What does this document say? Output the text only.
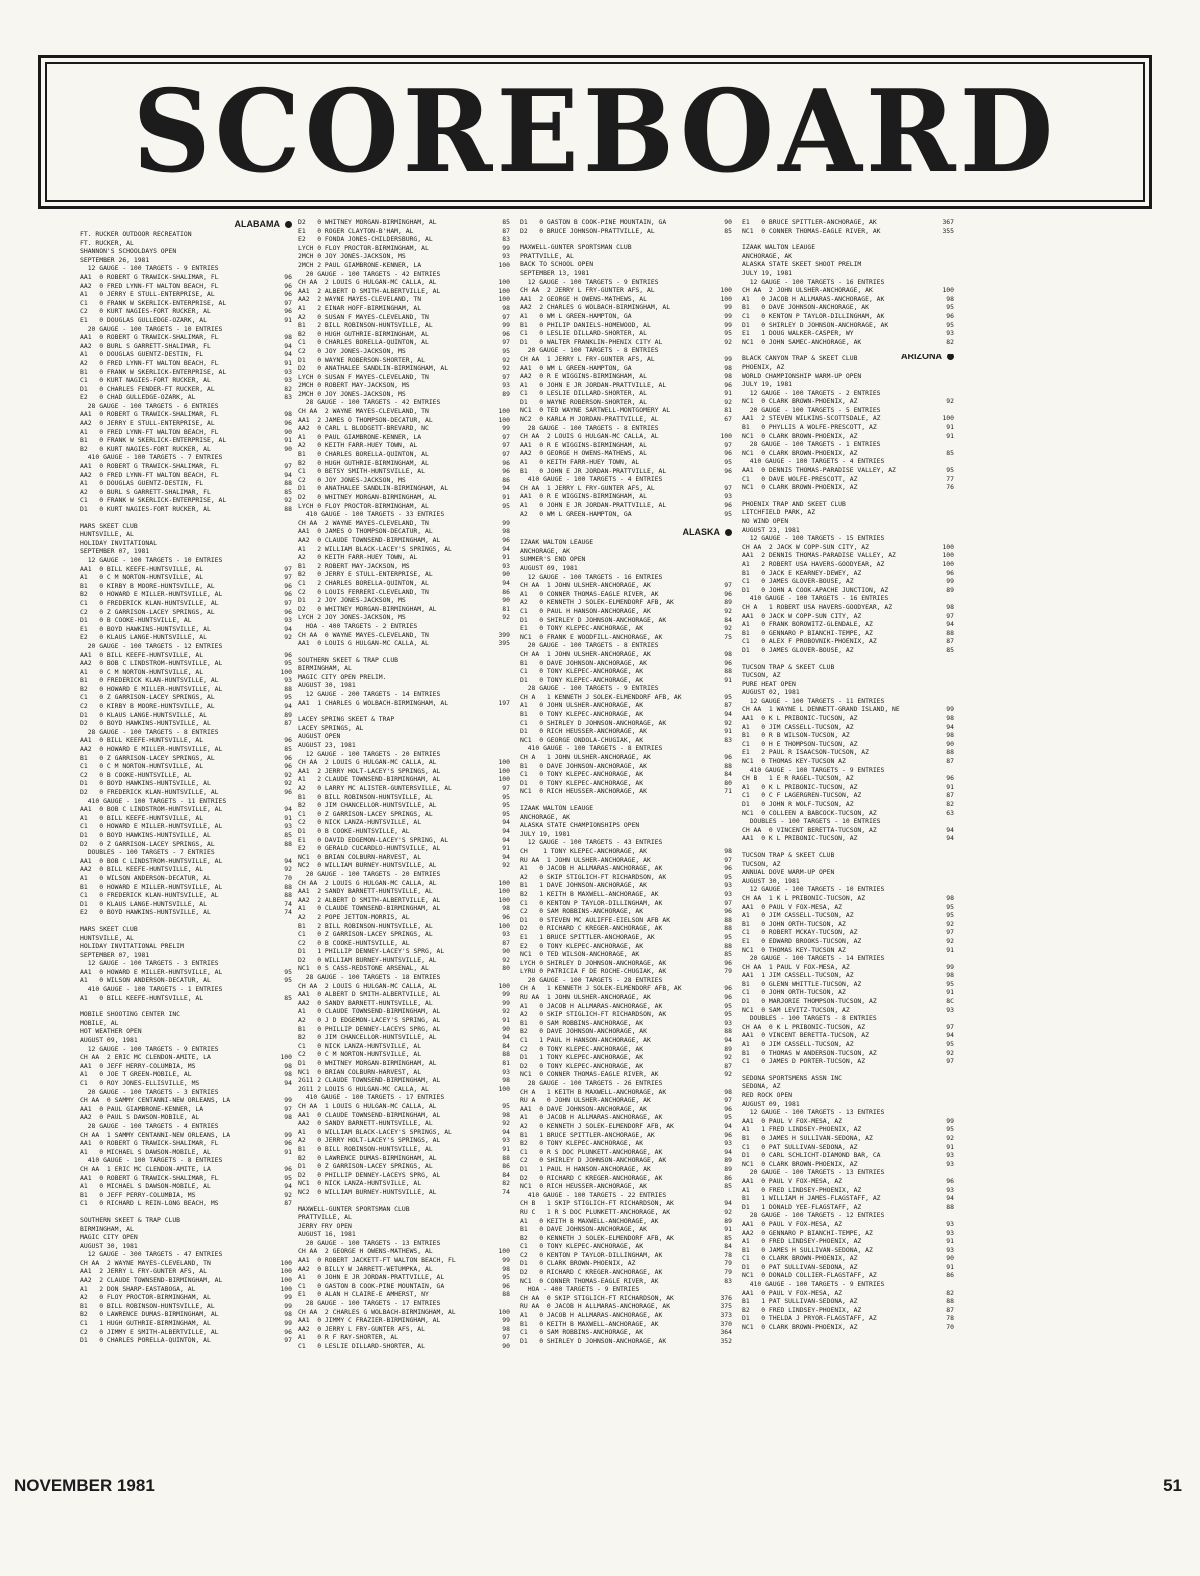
SCOREBOARD
ALABAMA
FT. RUCKER OUTDOOR RECREATION
FT. RUCKER, AL
SHANNON'S SCHOOLDAYS OPEN
SEPTEMBER 26, 1981
12 GAUGE - 100 TARGETS - 9 ENTRIES
AA1  0 ROBERT G TRAWICK-SHALIMAR, FL	96
AA2  0 FRED LYNN-FT WALTON BEACH, FL	96
A1   0 JERRY E STULL-ENTERPRISE, AL	96
C1   0 FRANK W SKERLICK-ENTERPRISE, AL	97
C2   0 KURT NAGIES-FORT RUCKER, AL	96
E1   0 DOUGLAS GULLEDGE-OZARK, AL	91
20 GAUGE - 100 TARGETS - 10 ENTRIES
AA1  0 ROBERT G TRAWICK-SHALIMAR, FL	98
AA2  0 BURL S GARRETT-SHALIMAR, FL	94
A1   0 DOUGLAS GUENTZ-DESTIN, FL	94
A2   0 FRED LYNN-FT WALTON BEACH, FL	91
B1   0 FRANK W SKERLICK-ENTERPRISE, AL	93
C1   0 KURT NAGIES-FORT RUCKER, AL	93
D1   0 CHARLES FENDER-FT RUCKER, AL	82
E2   0 CHAD GULLEDGE-OZARK, AL	83
28 GAUGE - 100 TARGETS - 6 ENTRIES
AA1  0 ROBERT G TRAWICK-SHALIMAR, FL	98
AA2  0 JERRY E STULL-ENTERPRISE, AL	96
A1   0 FRED LYNN-FT WALTON BEACH, FL	90
B1   0 FRANK W SKERLICK-ENTERPRISE, AL	91
B2   0 KURT NAGIES-FORT RUCKER, AL	90
410 GAUGE - 100 TARGETS - 7 ENTRIES
AA1  0 ROBERT G TRAWICK-SHALIMAR, FL	97
AA2  0 FRED LYNN-FT WALTON BEACH, FL	94
A1   0 DOUGLAS GUENTZ-DESTIN, FL	88
A2   0 BURL S GARRETT-SHALIMAR, FL	85
C1   0 FRANK W SKERLICK-ENTERPRISE, AL	92
D1   0 KURT NAGIES-FORT RUCKER, AL	88
MARS SKEET CLUB
HUNTSVILLE, AL
HOLIDAY INVITATIONAL
SEPTEMBER 07, 1981
12 GAUGE - 100 TARGETS - 10 ENTRIES
AA1  0 BILL KEEFE-HUNTSVILLE, AL	97
A1   0 C M NORTON-HUNTSVILLE, AL	97
B1   0 KIRBY B MOORE-HUNTSVILLE, AL	96
B2   0 HOWARD E MILLER-HUNTSVILLE, AL	96
C1   0 FREDERICK KLAN-HUNTSVILLE, AL	97
C2   0 Z GARRISON-LACEY SPRINGS, AL	96
D1   0 B COOKE-HUNTSVILLE, AL	93
E1   0 BOYD HAWKINS-HUNTSVILLE, AL	94
E2   0 KLAUS LANGE-HUNTSVILLE, AL	92
20 GAUGE - 100 TARGETS - 12 ENTRIES
AA1  0 BILL KEEFE-HUNTSVILLE, AL	96
AA2  0 BOB C LINDSTROM-HUNTSVILLE, AL	95
A1   0 C M NORTON-HUNTSVILLE, AL	100
B1   0 FREDERICK KLAN-HUNTSVILLE, AL	93
B2   0 HOWARD E MILLER-HUNTSVILLE, AL	88
C1   0 Z GARRISON-LACEY SPRINGS, AL	95
C2   0 KIRBY B MOORE-HUNTSVILLE, AL	94
D1   0 KLAUS LANGE-HUNTSVILLE, AL	89
D2   0 BOYD HAWKINS-HUNTSVILLE, AL	87
28 GAUGE - 100 TARGETS - 8 ENTRIES
AA1  0 BILL KEEFE-HUNTSVILLE, AL	96
AA2  0 HOWARD E MILLER-HUNTSVILLE, AL	85
B1   0 Z GARRISON-LACEY SPRINGS, AL	96
C1   0 C M NORTON-HUNTSVILLE, AL	96
C2   0 B COOKE-HUNTSVILLE, AL	92
D1   0 BOYD HAWKINS-HUNTSVILLE, AL	92
D2   0 FREDERICK KLAN-HUNTSVILLE, AL	96
410 GAUGE - 100 TARGETS - 11 ENTRIES
AA1  0 BOB C LINDSTROM-HUNTSVILLE, AL	94
A1   0 BILL KEEFE-HUNTSVILLE, AL	91
C1   0 HOWARD E MILLER-HUNTSVILLE, AL	93
D1   0 BOYD HAWKINS-HUNTSVILLE, AL	85
D2   0 Z GARRISON-LACEY SPRINGS, AL	88
DOUBLES - 100 TARGETS - 7 ENTRIES
AA1  0 BOB C LINDSTROM-HUNTSVILLE, AL	94
AA2  0 BILL KEEFE-HUNTSVILLE, AL	92
A1   0 WILSON ANDERSON-DECATUR, AL	70
B1   0 HOWARD E MILLER-HUNTSVILLE, AL	88
C1   0 FREDERICK KLAN-HUNTSVILLE, AL	88
D1   0 KLAUS LANGE-HUNTSVILLE, AL	74
E2   0 BOYD HAWKINS-HUNTSVILLE, AL	74
MARS SKEET CLUB
HUNTSVILLE, AL
HOLIDAY INVITATIONAL PRELIM
SEPTEMBER 07, 1981
12 GAUGE - 100 TARGETS - 3 ENTRIES
AA1  0 HOWARD E MILLER-HUNTSVILLE, AL	95
A1   0 WILSON ANDERSON-DECATUR, AL	95
410 GAUGE - 100 TARGETS - 1 ENTRIES
A1   0 BILL KEEFE-HUNTSVILLE, AL	85
MOBILE SHOOTING CENTER INC
MOBILE, AL
HOT WEATHER OPEN
AUGUST 09, 1981
12 GAUGE - 100 TARGETS - 9 ENTRIES
CH AA  2 ERIC MC CLENDON-AMITE, LA	100
AA1  0 JEFF HERRY-COLUMBIA, MS	98
A1   0 JOE T GREEN-MOBILE, AL	98
C1   0 ROY JONES-ELLISVILLE, MS	94
20 GAUGE - 100 TARGETS - 3 ENTRIES
CH AA  0 SAMMY CENTANNI-NEW ORLEANS, LA	99
AA1  0 PAUL GIAMBRONE-KENNER, LA	97
AA2  0 PAUL S DAWSON-MOBILE, AL	98
28 GAUGE - 100 TARGETS - 4 ENTRIES
CH AA  1 SAMMY CENTANNI-NEW ORLEANS, LA	99
AA1  0 ROBERT G TRAWICK-SHALIMAR, FL	96
A1   0 MICHAEL S DAWSON-MOBILE, AL	91
410 GAUGE - 100 TARGETS - 8 ENTRIES
CH AA  1 ERIC MC CLENDON-AMITE, LA	96
AA1  0 ROBERT G TRAWICK-SHALIMAR, FL	95
A1   0 MICHAEL S DAWSON-MOBILE, AL	94
B1   0 JEFF PERRY-COLUMBIA, MS	92
C1   0 RICHARD L REIN-LONG BEACH, MS	87
SOUTHERN SKEET & TRAP CLUB
BIRMINGHAM, AL
MAGIC CITY OPEN
AUGUST 30, 1981
12 GAUGE - 300 TARGETS - 47 ENTRIES
CH AA  2 WAYNE MAYES-CLEVELAND, TN	100
AA1  2 JERRY L FRY-GUNTER AFS, AL	100
AA2  2 CLAUDE TOWNSEND-BIRMINGHAM, AL	100
A1   2 DON SHARP-EASTABOGA, AL	100
A2   0 FLOY PROCTOR-BIRMINGHAM, AL	99
B1   0 BILL ROBINSON-HUNTSVILLE, AL	99
B2   0 LAWRENCE DUMAS-BIRMINGHAM, AL	98
C1   1 HUGH GUTHRIE-BIRMINGHAM, AL	99
C2   0 JIMMY E SMITH-ALBERTVILLE, AL	96
D1   0 CHARLES PORELLA-QUINTON, AL	97
D2   0 WHITNEY MORGAN-BIRMINGHAM, AL	85
E1   0 ROGER CLAYTON-B'HAM, AL	87
E2   0 FONDA JONES-CHILDERSBURG, AL	83
LYCH 0 FLOY PROCTOR-BIRMINGHAM, AL	99
2MCH 0 JOY JONES-JACKSON, MS	93
2MCH 2 PAUL GIAMBRONE-KENNER, LA	100
20 GAUGE - 100 TARGETS - 42 ENTRIES
CH AA  2 LOUIS G HULGAN-MC CALLA, AL	100
AA1  2 ALBERT D SMITH-ALBERTVILLE, AL	100
AA2  2 WAYNE MAYES-CLEVELAND, TN	100
A1   2 EINAR HOFF-BIRMINGHAM, AL	98
A2   0 SUSAN F MAYES-CLEVELAND, TN	97
B1   2 BILL ROBINSON-HUNTSVILLE, AL	99
B2   0 HUGH GUTHRIE-BIRMINGHAM, AL	96
C1   0 CHARLES BORELLA-QUINTON, AL	97
C2   0 JOY JONES-JACKSON, MS	95
D1   0 WAYNE ROBERSON-SHORTER, AL	92
D2   0 ANATHALEE SANDLIN-BIRMINGHAM, AL	92
LYCH 0 SUSAN F MAYES-CLEVELAND, TN	97
2MCH 0 ROBERT MAY-JACKSON, MS	93
2MCH 0 JOY JONES-JACKSON, MS	89
28 GAUGE - 100 TARGETS - 42 ENTRIES
CH AA  2 WAYNE MAYES-CLEVELAND, TN	100
AA1  2 JAMES O THOMPSON-DECATUR, AL	100
AA2  0 CARL L BLODGETT-BREVARD, NC	99
A1   0 PAUL GIAMBRONE-KENNER, LA	97
A2   0 KEITH FARR-HUEY TOWN, AL	97
B1   0 CHARLES BORELLA-QUINTON, AL	97
B2   0 HUGH GUTHRIE-BIRMINGHAM, AL	96
C1   0 BETSY SMITH-HUNTSVILLE, AL	96
C2   0 JOY JONES-JACKSON, MS	86
D1   0 ANATHALEE SANDLIN-BIRMINGHAM, AL	94
D2   0 WHITNEY MORGAN-BIRMINGHAM, AL	91
LYCH 0 FLOY PROCTOR-BIRMINGHAM, AL	95
410 GAUGE - 100 TARGETS - 33 ENTRIES
CH AA  2 WAYNE MAYES-CLEVELAND, TN	99
AA1  0 JAMES O THOMPSON-DECATUR, AL	98
AA2  0 CLAUDE TOWNSEND-BIRMINGHAM, AL	96
A1   2 WILLIAM BLACK-LACEY'S SPRINGS, AL	94
A2   0 KEITH FARR-HUEY TOWN, AL	91
B1   2 ROBERT MAY-JACKSON, MS	93
B2   0 JERRY E STULL-ENTERPRISE, AL	90
C1   2 CHARLES BORELLA-QUINTON, AL	94
C2   0 LOUIS FERRERI-CLEVELAND, TN	86
D1   2 JOY JONES-JACKSON, MS	90
D2   0 WHITNEY MORGAN-BIRMINGHAM, AL	81
LYCH 2 JOY JONES-JACKSON, MS	92
HOA - 400 TARGETS - 2 ENTRIES
CH AA  0 WAYNE MAYES-CLEVELAND, TN	399
AA1  0 LOUIS G HULGAN-MC CALLA, AL	395
SOUTHERN SKEET & TRAP CLUB
BIRMINGHAM, AL
MAGIC CITY OPEN PRELIM.
AUGUST 30, 1981
12 GAUGE - 200 TARGETS - 14 ENTRIES
AA1  1 CHARLES G WOLBACH-BIRMINGHAM, AL	197
LACEY SPRING SKEET & TRAP
LACEY SPRINGS, AL
AUGUST OPEN
AUGUST 23, 1981
12 GAUGE - 100 TARGETS - 20 ENTRIES
CH AA  2 LOUIS G HULGAN-MC CALLA, AL	100
AA1  2 JERRY HOLT-LACEY'S SPRINGS, AL	100
A1   2 CLAUDE TOWNSEND-BIRMINGHAM, AL	100
A2   0 LARRY MC ALISTER-GUNTERSVILLE, AL	97
B1   0 BILL ROBINSON-HUNTSVILLE, AL	95
B2   0 JIM CHANCELLOR-HUNTSVILLE, AL	95
C1   0 Z GARRISON-LACEY SPRINGS, AL	95
C2   0 NICK LANZA-HUNTSVILLE, AL	94
D1   0 B COOKE-HUNTSVILLE, AL	94
E1   0 DAVID EDGEMON-LACEY'S SPRING, AL	94
E2   0 GERALD CUCARDLO-HUNTSVILLE, AL	91
NC1  0 BRIAN COLBURN-HARVEST, AL	94
NC2  0 WILLIAM BURNEY-HUNTSVILLE, AL	92
20 GAUGE - 100 TARGETS - 20 ENTRIES
CH AA  2 LOUIS G HULGAN-MC CALLA, AL	100
AA1  2 SANDY BARNETT-HUNTSVILLE, AL	100
AA2  2 ALBERT D SMITH-ALBERTVILLE, AL	100
A1   0 CLAUDE TOWNSEND-BIRMINGHAM, AL	98
A2   2 POPE JETTON-MORRIS, AL	96
B1   2 BILL ROBINSON-HUNTSVILLE, AL	100
C1   0 Z GARRISON-LACEY SPRINGS, AL	93
C2   0 B COOKE-HUNTSVILLE, AL	87
D1   1 PHILLIP DENNEY-LACEY'S SPRG, AL	90
D2   0 WILLIAM BURNEY-HUNTSVILLE, AL	92
NC1  0 S CASS-REDSTONE ARSENAL, AL	80
28 GAUGE - 100 TARGETS - 18 ENTRIES
CH AA  2 LOUIS G HULGAN-MC CALLA, AL	100
AA1  0 ALBERT D SMITH-ALBERTVILLE, AL	99
AA2  0 SANDY BARNETT-HUNTSVILLE, AL	99
A1   0 CLAUDE TOWNSEND-BIRMINGHAM, AL	92
A2   0 J D EDGEMON-LACEY'S SPRING, AL	91
B1   0 PHILLIP DENNEY-LACEYS SPRG, AL	90
B2   0 JIM CHANCELLOR-HUNTSVILLE, AL	94
C1   0 NICK LANZA-HUNTSVILLE, AL	84
C2   0 C M NORTON-HUNTSVILLE, AL	88
D1   0 WHITNEY MORGAN-BIRMINGHAM, AL	81
NC1  0 BRIAN COLBURN-HARVEST, AL	93
2G11 2 CLAUDE TOWNSEND-BIRMINGHAM, AL	98
2G11 2 LOUIS G HULGAN-MC CALLA, AL	100
410 GAUGE - 100 TARGETS - 17 ENTRIES
CH AA  1 LOUIS G HULGAN-MC CALLA, AL	95
AA1  0 CLAUDE TOWNSEND-BIRMINGHAM, AL	98
AA2  0 SANDY BARNETT-HUNTSVILLE, AL	92
A1   0 WILLIAM BLACK-LACEY'S SPRINGS, AL	94
A2   0 JERRY HOLT-LACEY'S SPRINGS, AL	93
B1   0 BILL ROBINSON-HUNTSVILLE, AL	91
B2   0 LAWRENCE DUMAS-BIRMINGHAM, AL	88
D1   0 Z GARRISON-LACEY SPRINGS, AL	86
D2   0 PHILLIP DENNEY-LACEYS SPRG, AL	84
NC1  0 NICK LANZA-HUNTSVILLE, AL	82
NC2  0 WILLIAM BURNEY-HUNTSVILLE, AL	74
MAXWELL-GUNTER SPORTSMAN CLUB
PRATTVILLE, AL
JERRY FRY OPEN
AUGUST 16, 1981
20 GAUGE - 100 TARGETS - 13 ENTRIES
CH AA  2 GEORGE H OWENS-MATHEWS, AL	100
AA1  0 ROBERT JACKETT-FT WALTON BEACH, FL	99
AA2  0 BILLY W JARRETT-WETUMPKA, AL	98
A1   0 JOHN E JR JORDAN-PRATTVILLE, AL	95
C1   0 GASTON B COOK-PINE MOUNTAIN, GA	96
E1   0 ALAN H CLAIRE-E AMHERST, NY	88
28 GAUGE - 100 TARGETS - 17 ENTRIES
CH AA  2 CHARLES G WOLBACH-BIRMINGHAM, AL	100
AA1  0 JIMMY C FRAZIER-BIRMINGHAM, AL	99
AA2  0 JERRY L FRY-GUNTER AFS, AL	98
A1   0 R F RAY-SHORTER, AL	97
C1   0 LESLIE DILLARD-SHORTER, AL	90
D1   0 GASTON B COOK-PINE MOUNTAIN, GA	90
D2   0 BRUCE JOHNSON-PRATTVILLE, AL	85
MAXWELL-GUNTER SPORTSMAN CLUB
PRATTVILLE, AL
BACK TO SCHOOL OPEN
SEPTEMBER 13, 1981
12 GAUGE - 100 TARGETS - 9 ENTRIES
CH AA  2 JERRY L FRY-GUNTER AFS, AL	100
AA1  2 GEORGE H OWENS-MATHEWS, AL	100
AA2  2 CHARLES G WOLBACH-BIRMINGHAM, AL	99
A1   0 WM L GREEN-HAMPTON, GA	99
B1   0 PHILIP DANIELS-HOMEWOOD, AL	99
C1   0 LESLIE DILLARD-SHORTER, AL	95
D1   0 WALTER FRANKLIN-PHENIX CITY AL	92
20 GAUGE - 100 TARGETS - 8 ENTRIES
CH AA  1 JERRY L FRY-GUNTER AFS, AL	99
AA1  0 WM L GREEN-HAMPTON, GA	98
AA2  0 R E WIGGINS-BIRMINGHAM, AL	98
A1   0 JOHN E JR JORDAN-PRATTVILLE, AL	96
C1   0 LESLIE DILLARD-SHORTER, AL	91
D1   0 WAYNE ROBERSON-SHORTER, AL	92
NC1  0 TED WAYNE SARTWELL-MONTGOMERY AL	81
NC2  0 KARLA M JORDAN-PRATTVILLE, AL	67
28 GAUGE - 100 TARGETS - 8 ENTRIES
CH AA  2 LOUIS G HULGAN-MC CALLA, AL	100
AA1  0 R E WIGGINS-BIRMINGHAM, AL	97
AA2  0 GEORGE H OWENS-MATHEWS, AL	96
A1   0 KEITH FARR-HUEY TOWN, AL	95
B1   0 JOHN E JR JORDAN-PRATTVILLE, AL	96
410 GAUGE - 100 TARGETS - 4 ENTRIES
CH AA  1 JERRY L FRY-GUNTER AFS, AL	97
AA1  0 R E WIGGINS-BIRMINGHAM, AL	93
A1   0 JOHN E JR JORDAN-PRATTVILLE, AL	96
A2   0 WM L GREEN-HAMPTON, GA	95
ALASKA
IZAAK WALTON LEAUGE
ANCHORAGE, AK
SUMMER'S END OPEN
AUGUST 09, 1981
12 GAUGE - 100 TARGETS - 16 ENTRIES
CH AA  1 JOHN ULSHER-ANCHORAGE, AK	97
A1   0 CONNER THOMAS-EAGLE RIVER, AK	96
A2   0 KENNETH J SOLEK-ELMENDORF AFB, AK	89
C1   0 PAUL H HANSON-ANCHORAGE, AK	92
D1   0 SHIRLEY D JOHNSON-ANCHORAGE, AK	84
E1   0 TONY KLEPEC-ANCHORAGE, AK	92
NC1  0 FRANK E WOODFILL-ANCHORAGE, AK	75
20 GAUGE - 100 TARGETS - 8 ENTRIES
CH AA  1 JOHN ULSHER-ANCHORAGE, AK	98
B1   0 DAVE JOHNSON-ANCHORAGE, AK	96
C1   0 TONY KLEPEC-ANCHORAGE, AK	88
D1   0 TONY KLEPEC-ANCHORAGE, AK	91
28 GAUGE - 100 TARGETS - 9 ENTRIES
CH A   1 KENNETH J SOLEK-ELMENDORF AFB, AK	95
A1   0 JOHN ULSHER-ANCHORAGE, AK	87
B1   0 TONY KLEPEC-ANCHORAGE, AK	94
C1   0 SHIRLEY D JOHNSON-ANCHORAGE, AK	92
D1   0 RICH HEUSSER-ANCHORAGE, AK	91
NC1  0 GEORGE ONDOLA-CHUGIAK, AK	83
410 GAUGE - 100 TARGETS - 8 ENTRIES
CH A   1 JOHN ULSHER-ANCHORAGE, AK	96
B1   0 DAVE JOHNSON-ANCHORAGE, AK	88
C1   0 TONY KLEPEC-ANCHORAGE, AK	84
D1   0 TONY KLEPEC-ANCHORAGE, AK	80
NC1  0 RICH HEUSSER-ANCHORAGE, AK	71
IZAAK WALTON LEAUGE
ANCHORAGE, AK
ALASKA STATE CHAMPIONSHIPS OPEN
JULY 19, 1981
12 GAUGE - 100 TARGETS - 43 ENTRIES
CH    1 TONY KLEPEC-ANCHORAGE, AK	98
RU AA  1 JOHN ULSHER-ANCHORAGE, AK	97
A1   0 JACOB H ALLMARAS-ANCHORAGE, AK	96
A2   0 SKIP STIGLICH-FT RICHARDSON, AK	95
B1   1 DAVE JOHNSON-ANCHORAGE, AK	93
B2   1 KEITH B MAXWELL-ANCHORAGE, AK	93
C1   0 KENTON P TAYLOR-DILLINGHAM, AK	97
C2   0 SAM ROBBINS-ANCHORAGE, AK	96
D1   0 STEVEN MC AULIFFE-EIELSON AFB AK	88
D2   0 RICHARD C KREGER-ANCHORAGE, AK	88
E1   1 BRUCE SPITTLER-ANCHORAGE, AK	95
E2   0 TONY KLEPEC-ANCHORAGE, AK	88
NC1  0 TED WILSON-ANCHORAGE, AK	85
LYCH 0 SHIRLEY D JOHNSON-ANCHORAGE, AK	96
LYRU 0 PATRICIA F DE ROCHE-CHUGIAK, AK	79
20 GAUGE - 100 TARGETS - 28 ENTRIES
CH A   1 KENNETH J SOLEK-ELMENDORF AFB, AK	96
RU AA  1 JOHN ULSHER-ANCHORAGE, AK	96
A1   0 JACOB H ALLMARAS-ANCHORAGE, AK	95
A2   0 SKIP STIGLICH-FT RICHARDSON, AK	95
B1   0 SAM ROBBINS-ANCHORAGE, AK	93
B2   0 DAVE JOHNSON-ANCHORAGE, AK	88
C1   1 PAUL H HANSON-ANCHORAGE, AK	94
C2   0 TONY KLEPEC-ANCHORAGE, AK	89
D1   1 TONY KLEPEC-ANCHORAGE, AK	92
D2   0 TONY KLEPEC-ANCHORAGE, AK	87
NC1  0 CONNER THOMAS-EAGLE RIVER, AK	92
28 GAUGE - 100 TARGETS - 26 ENTRIES
CH A   1 KEITH B MAXWELL-ANCHORAGE, AK	98
RU A   0 JOHN ULSHER-ANCHORAGE, AK	97
AA1  0 DAVE JOHNSON-ANCHORAGE, AK	96
A1   0 JACOB H ALLMARAS-ANCHORAGE, AK	95
A2   0 KENNETH J SOLEK-ELMENDORF AFB, AK	94
B1   1 BRUCE SPITTLER-ANCHORAGE, AK	96
B2   0 TONY KLEPEC-ANCHORAGE, AK	93
C1   0 R S DOC PLUNKETT-ANCHORAGE, AK	94
C2   0 SHIRLEY D JOHNSON-ANCHORAGE, AK	89
D1   1 PAUL H HANSON-ANCHORAGE, AK	89
D2   0 RICHARD C KREGER-ANCHORAGE, AK	86
NC1  0 RICH HEUSSER-ANCHORAGE, AK	85
410 GAUGE - 100 TARGETS - 22 ENTRIES
CH B   1 SKIP STIGLICH-FT RICHARDSON, AK	94
RU C   1 R S DOC PLUNKETT-ANCHORAGE, AK	92
A1   0 KEITH B MAXWELL-ANCHORAGE, AK	89
B1   0 DAVE JOHNSON-ANCHORAGE, AK	91
B2   0 KENNETH J SOLEK-ELMENDORF AFB, AK	85
C1   0 TONY KLEPEC-ANCHORAGE, AK	84
C2   0 KENTON P TAYLOR-DILLINGHAM, AK	78
D1   0 CLARK BROWN-PHOENIX, AZ	79
D2   0 RICHARD C KREGER-ANCHORAGE, AK	79
NC1  0 CONNER THOMAS-EAGLE RIVER, AK	83
HOA - 400 TARGETS - 9 ENTRIES
CH AA  0 SKIP STIGLICH-FT RICHARDSON, AK	376
RU AA  0 JACOB H ALLMARAS-ANCHORAGE, AK	375
A1   0 JACOB H ALLMARAS-ANCHORAGE, AK	373
B1   0 KEITH B MAXWELL-ANCHORAGE, AK	370
C1   0 SAM ROBBINS-ANCHORAGE, AK	364
D1   0 SHIRLEY D JOHNSON-ANCHORAGE, AK	352
E1   0 BRUCE SPITTLER-ANCHORAGE, AK	367
NC1  0 CONNER THOMAS-EAGLE RIVER, AK	355
IZAAK WALTON LEAUGE
ANCHORAGE, AK
ALASKA STATE SKEET SHOOT PRELIM
JULY 19, 1981
12 GAUGE - 100 TARGETS - 16 ENTRIES
CH AA  2 JOHN ULSHER-ANCHORAGE, AK	100
A1   0 JACOB H ALLMARAS-ANCHORAGE, AK	98
B1   0 DAVE JOHNSON-ANCHORAGE, AK	95
C1   0 KENTON P TAYLOR-DILLINGHAM, AK	96
D1   0 SHIRLEY D JOHNSON-ANCHORAGE, AK	95
E1   1 DOUG WALKER-CASPER, WY	93
NC1  0 JOHN SAMEC-ANCHORAGE, AK	82
BLACK CANYON TRAP & SKEET CLUB	ARIZONA
PHOENIX, AZ
WORLD CHAMPIONSHIP WARM-UP OPEN
JULY 19, 1981
12 GAUGE - 100 TARGETS - 2 ENTRIES
NC1  0 CLARK BROWN-PHOENIX, AZ	92
20 GAUGE - 100 TARGETS - 5 ENTRIES
AA1  2 STEVEN WILKINS-SCOTTSDALE, AZ	100
B1   0 PHYLLIS A WOLFE-PRESCOTT, AZ	91
NC1  0 CLARK BROWN-PHOENIX, AZ	91
28 GAUGE - 100 TARGETS - 1 ENTRIES
NC1  0 CLARK BROWN-PHOENIX, AZ	85
410 GAUGE - 100 TARGETS - 4 ENTRIES
AA1  0 DENNIS THOMAS-PARADISE VALLEY, AZ	95
C1   0 DAVE WOLFE-PRESCOTT, AZ	77
NC1  0 CLARK BROWN-PHOENIX, AZ	76
PHOENIX TRAP AND SKEET CLUB
LITCHFIELD PARK, AZ
NO WIND OPEN
AUGUST 23, 1981
12 GAUGE - 100 TARGETS - 15 ENTRIES
CH AA  2 JACK W COPP-SUN CITY, AZ	100
AA1  2 DENNIS THOMAS-PARADISE VALLEY, AZ	100
A1   2 ROBERT USA HAVERS-GOODYEAR, AZ	100
B1   0 JACK E KEARNEY-DEWEY, AZ	96
C1   0 JAMES GLOVER-BOUSE, AZ	99
D1   0 JOHN A COOK-APACHE JUNCTION, AZ	89
410 GAUGE - 100 TARGETS - 16 ENTRIES
CH A   1 ROBERT USA HAVERS-GOODYEAR, AZ	98
AA1  0 JACK W COPP-SUN CITY, AZ	97
A1   0 FRANK BOROWITZ-GLENDALE, AZ	94
B1   0 GENNARO P BIANCHI-TEMPE, AZ	88
C1   0 ALEX F PROBOVNIK-PHOENIX, AZ	87
D1   0 JAMES GLOVER-BOUSE, AZ	85
TUCSON TRAP & SKEET CLUB
TUCSON, AZ
PURE HEAT OPEN
AUGUST 02, 1981
12 GAUGE - 100 TARGETS - 11 ENTRIES
CH AA  1 WAYNE L DENNETT-GRAND ISLAND, NE	99
AA1  0 K L PRIBONIC-TUCSON, AZ	98
A1   0 JIM CASSELL-TUCSON, AZ	94
B1   0 R B WILSON-TUCSON, AZ	98
C1   0 H E THOMPSON-TUCSON, AZ	90
E1   2 PAUL R ISAACSON-TUCSON, AZ	88
NC1  0 THOMAS KEY-TUCSON AZ	87
410 GAUGE - 100 TARGETS - 9 ENTRIES
CH B   1 E R RAGEL-TUCSON, AZ	96
A1   0 K L PRIBONIC-TUCSON, AZ	91
C1   0 C F LAGERGREN-TUCSON, AZ	87
D1   0 JOHN R WOLF-TUCSON, AZ	82
NC1  0 COLLEEN A BABCOCK-TUCSON, AZ	63
DOUBLES - 100 TARGETS - 10 ENTRIES
CH AA  0 VINCENT BERETTA-TUCSON, AZ	94
AA1  0 K L PRIBONIC-TUCSON, AZ	94
TUCSON TRAP & SKEET CLUB
TUCSON, AZ
ANNUAL DOVE WARM-UP OPEN
AUGUST 30, 1981
12 GAUGE - 100 TARGETS - 10 ENTRIES
CH AA  1 K L PRIBONIC-TUCSON, AZ	98
AA1  0 PAUL V FOX-MESA, AZ	95
A1   0 JIM CASSELL-TUCSON, AZ	95
B1   0 JOHN ORTH-TUCSON, AZ	92
C1   0 ROBERT MCKAY-TUCSON, AZ	97
E1   0 EDWARD BROOKS-TUCSON, AZ	92
NC1  0 THOMAS KEY-TUCSON AZ	91
20 GAUGE - 100 TARGETS - 14 ENTRIES
CH AA  1 PAUL V FOX-MESA, AZ	99
AA1  1 JIM CASSELL-TUCSON, AZ	98
B1   0 GLENN WHITTLE-TUCSON, AZ	95
C1   0 JOHN ORTH-TUCSON, AZ	91
D1   0 MARJORIE THOMPSON-TUCSON, AZ	8C
NC1  0 SAM LEVITZ-TUCSON, AZ	93
DOUBLES - 100 TARGETS - 8 ENTRIES
CH AA  0 K L PRIBONIC-TUCSON, AZ	97
AA1  0 VINCENT BERETTA-TUCSON, AZ	94
A1   0 JIM CASSELL-TUCSON, AZ	95
B1   0 THOMAS W ANDERSON-TUCSON, AZ	92
C1   0 JAMES D PORTER-TUCSON, AZ	97
SEDONA SPORTSMENS ASSN INC
SEDONA, AZ
RED ROCK OPEN
AUGUST 09, 1981
12 GAUGE - 100 TARGETS - 13 ENTRIES
AA1  0 PAUL V FOX-MESA, AZ	99
A1   1 FRED LINDSEY-PHOENIX, AZ	95
B1   0 JAMES H SULLIVAN-SEDONA, AZ	92
C1   0 PAT SULLIVAN-SEDONA, AZ	91
D1   0 CARL SCHLICHT-DIAMOND BAR, CA	93
NC1  0 CLARK BROWN-PHOENIX, AZ	93
20 GAUGE - 100 TARGETS - 13 ENTRIES
AA1  0 PAUL V FOX-MESA, AZ	96
A1   0 FRED LINDSEY-PHOENIX, AZ	93
B1   1 WILLIAM H JAMES-FLAGSTAFF, AZ	94
D1   1 DONALD YEE-FLAGSTAFF, AZ	88
28 GAUGE - 100 TARGETS - 12 ENTRIES
AA1  0 PAUL V FOX-MESA, AZ	93
AA2  0 GENNARO P BIANCHI-TEMPE, AZ	93
A1   0 FRED LINDSEY-PHOENIX, AZ	91
B1   0 JAMES H SULLIVAN-SEDONA, AZ	93
C1   0 CLARK BROWN-PHOENIX, AZ	90
D1   0 PAT SULLIVAN-SEDONA, AZ	91
NC1  0 DONALD COLLIER-FLAGSTAFF, AZ	86
410 GAUGE - 100 TARGETS - 9 ENTRIES
AA1  0 PAUL V FOX-MESA, AZ	82
B1   1 PAT SULLIVAN-SEDONA, AZ	88
B2   0 FRED LINDSEY-PHOENIX, AZ	87
D1   0 THELDA J PRYOR-FLAGSTAFF, AZ	78
NC1  0 CLARK BROWN-PHOENIX, AZ	70
NOVEMBER 1981	51
